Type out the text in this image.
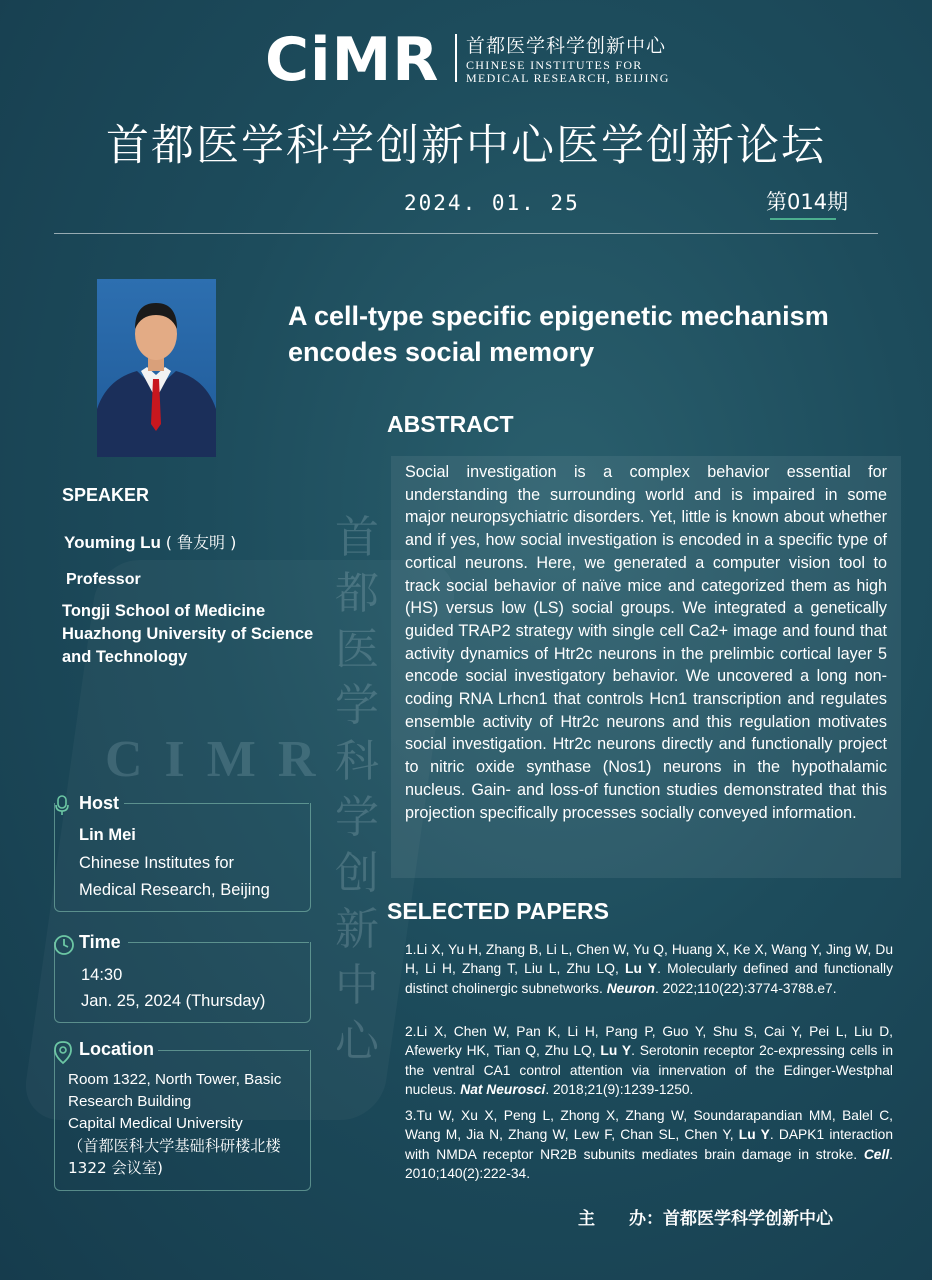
CIMR
首
都
医
学
科
学
创
新
中
心
CiMR 首都医学科学创新中心
CHINESE INSTITUTES FOR
MEDICAL RESEARCH, BEIJING
首都医学科学创新中心医学创新论坛
2024. 01. 25	第014期
A cell-type specific epigenetic mechanism
encodes social memory
SPEAKER
Youming Lu ( 鲁友明 )
Professor
Tongji School of Medicine
Huazhong University of Science
and Technology
Host
Lin Mei
Chinese Institutes for
Medical Research, Beijing
Time
14:30
Jan. 25, 2024 (Thursday)
Location
Room 1322, North Tower, Basic
Research Building
Capital Medical University
（首都医科大学基础科研楼北楼
1322 会议室)
ABSTRACT
Social investigation is a complex behavior essential for understanding the surrounding world and is impaired in some major neuropsychiatric disorders. Yet, little is known about whether and if yes, how social investigation is encoded in a specific type of cortical neurons. Here, we generated a computer vision tool to track social behavior of naïve mice and categorized them as high (HS) versus low (LS) social groups. We integrated a genetically guided TRAP2 strategy with single cell Ca2+ image and found that activity dynamics of Htr2c neurons in the prelimbic cortical layer 5 encode social investigatory behavior. We uncovered a long non-coding RNA Lrhcn1 that controls Hcn1 transcription and regulates ensemble activity of Htr2c neurons and this regulation motivates social investigation. Htr2c neurons directly and functionally project to nitric oxide synthase (Nos1) neurons in the hypothalamic nucleus. Gain- and loss-of function studies demonstrated that this projection specifically processes socially conveyed information.
SELECTED PAPERS
1.Li X, Yu H, Zhang B, Li L, Chen W, Yu Q, Huang X, Ke X, Wang Y, Jing W, Du H, Li H, Zhang T, Liu L, Zhu LQ, Lu Y. Molecularly defined and functionally distinct cholinergic subnetworks. Neuron. 2022;110(22):3774-3788.e7.
2.Li X, Chen W, Pan K, Li H, Pang P, Guo Y, Shu S, Cai Y, Pei L, Liu D, Afewerky HK, Tian Q, Zhu LQ, Lu Y. Serotonin receptor 2c-expressing cells in the ventral CA1 control attention via innervation of the Edinger-Westphal nucleus. Nat Neurosci. 2018;21(9):1239-1250.
3.Tu W, Xu X, Peng L, Zhong X, Zhang W, Soundarapandian MM, Balel C, Wang M, Jia N, Zhang W, Lew F, Chan SL, Chen Y, Lu Y. DAPK1 interaction with NMDA receptor NR2B subunits mediates brain damage in stroke. Cell. 2010;140(2):222-34.
主　　办：首都医学科学创新中心
